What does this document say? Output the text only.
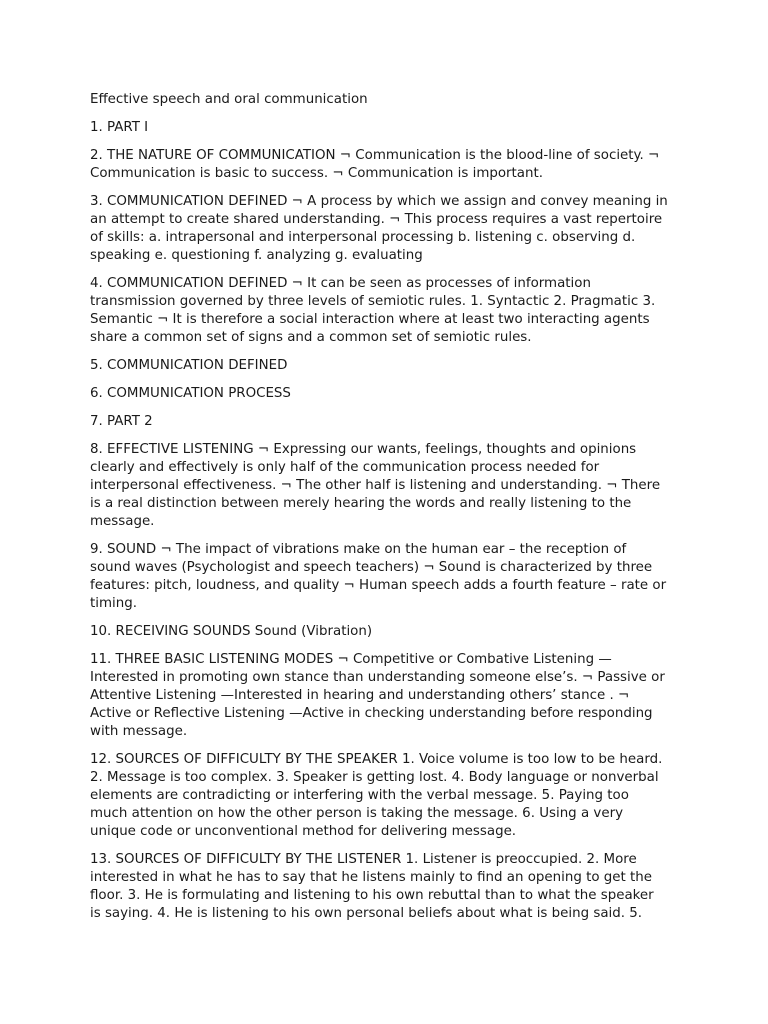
Effective speech and oral communication

1. PART I

2. THE NATURE OF COMMUNICATION ¬ Communication is the blood-line of society. ¬ Communication is basic to success. ¬ Communication is important.

3. COMMUNICATION DEFINED ¬ A process by which we assign and convey meaning in an attempt to create shared understanding. ¬ This process requires a vast repertoire of skills: a. intrapersonal and interpersonal processing b. listening c. observing d. speaking e. questioning f. analyzing g. evaluating

4. COMMUNICATION DEFINED ¬ It can be seen as processes of information transmission governed by three levels of semiotic rules. 1. Syntactic 2. Pragmatic 3. Semantic ¬ It is therefore a social interaction where at least two interacting agents share a common set of signs and a common set of semiotic rules.

5. COMMUNICATION DEFINED

6. COMMUNICATION PROCESS

7. PART 2

8. EFFECTIVE LISTENING ¬ Expressing our wants, feelings, thoughts and opinions clearly and effectively is only half of the communication process needed for interpersonal effectiveness. ¬ The other half is listening and understanding. ¬ There is a real distinction between merely hearing the words and really listening to the message.

9. SOUND ¬ The impact of vibrations make on the human ear – the reception of sound waves (Psychologist and speech teachers) ¬ Sound is characterized by three features: pitch, loudness, and quality ¬ Human speech adds a fourth feature – rate or timing.

10. RECEIVING SOUNDS Sound (Vibration)

11. THREE BASIC LISTENING MODES ¬ Competitive or Combative Listening —Interested in promoting own stance than understanding someone else’s. ¬ Passive or Attentive Listening —Interested in hearing and understanding others’ stance . ¬ Active or Reflective Listening —Active in checking understanding before responding with message.

12. SOURCES OF DIFFICULTY BY THE SPEAKER 1. Voice volume is too low to be heard. 2. Message is too complex. 3. Speaker is getting lost. 4. Body language or nonverbal elements are contradicting or interfering with the verbal message. 5. Paying too much attention on how the other person is taking the message. 6. Using a very unique code or unconventional method for delivering message.

13. SOURCES OF DIFFICULTY BY THE LISTENER 1. Listener is preoccupied. 2. More interested in what he has to say that he listens mainly to find an opening to get the floor. 3. He is formulating and listening to his own rebuttal than to what the speaker is saying. 4. He is listening to his own personal beliefs about what is being said. 5.
